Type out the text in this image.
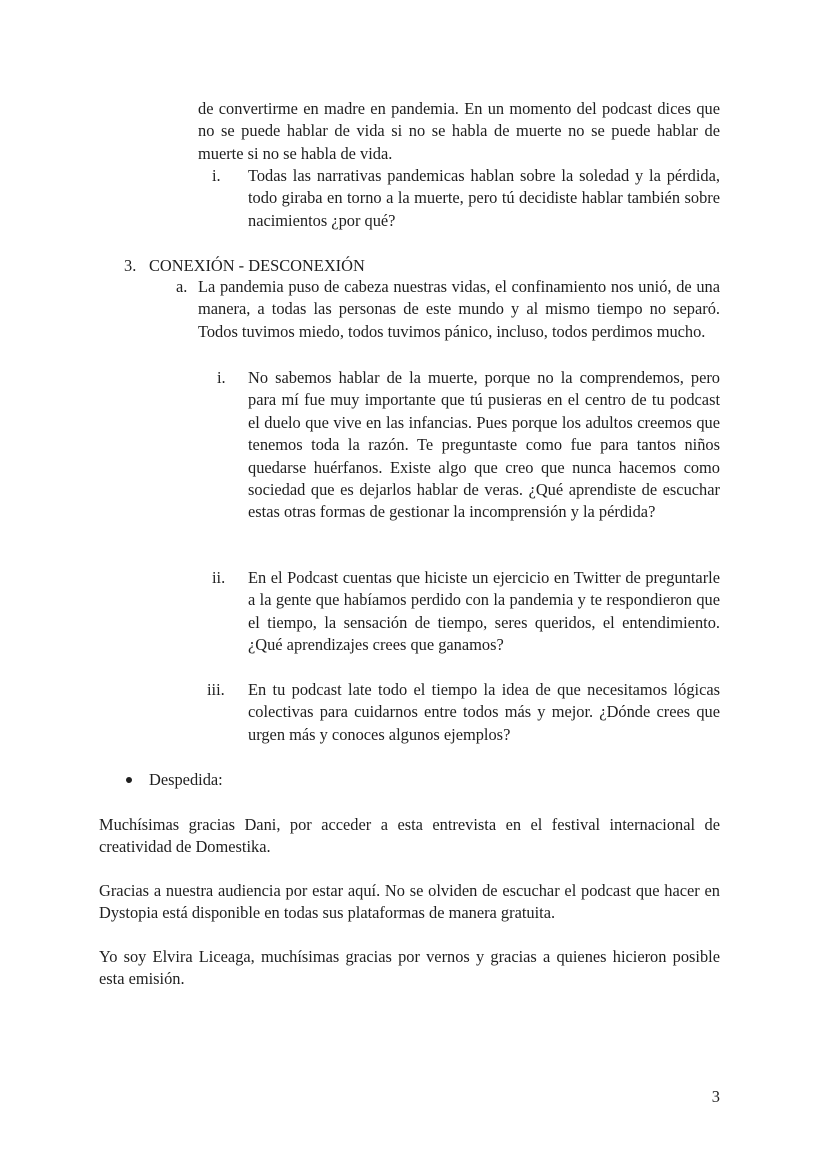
de convertirme en madre en pandemia. En un momento del podcast dices que no se puede hablar de vida si no se habla de muerte no se puede hablar de muerte si no se habla de vida.

i. Todas las narrativas pandemicas hablan sobre la soledad y la pérdida, todo giraba en torno a la muerte, pero tú decidiste hablar también sobre nacimientos ¿por qué?

3. CONEXIÓN - DESCONEXIÓN
a. La pandemia puso de cabeza nuestras vidas, el confinamiento nos unió, de una manera, a todas las personas de este mundo y al mismo tiempo no separó. Todos tuvimos miedo, todos tuvimos pánico, incluso, todos perdimos mucho.

i. No sabemos hablar de la muerte, porque no la comprendemos, pero para mí fue muy importante que tú pusieras en el centro de tu podcast el duelo que vive en las infancias. Pues porque los adultos creemos que tenemos toda la razón. Te preguntaste como fue para tantos niños quedarse huérfanos. Existe algo que creo que nunca hacemos como sociedad que es dejarlos hablar de veras. ¿Qué aprendiste de escuchar estas otras formas de gestionar la incomprensión y la pérdida?

ii. En el Podcast cuentas que hiciste un ejercicio en Twitter de preguntarle a la gente que habíamos perdido con la pandemia y te respondieron que el tiempo, la sensación de tiempo, seres queridos, el entendimiento. ¿Qué aprendizajes crees que ganamos?

iii. En tu podcast late todo el tiempo la idea de que necesitamos lógicas colectivas para cuidarnos entre todos más y mejor. ¿Dónde crees que urgen más y conoces algunos ejemplos?

Despedida:

Muchísimas gracias Dani, por acceder a esta entrevista en el festival internacional de creatividad de Domestika.

Gracias a nuestra audiencia por estar aquí. No se olviden de escuchar el podcast que hacer en Dystopia está disponible en todas sus plataformas de manera gratuita.

Yo soy Elvira Liceaga, muchísimas gracias por vernos y gracias a quienes hicieron posible esta emisión.

3
